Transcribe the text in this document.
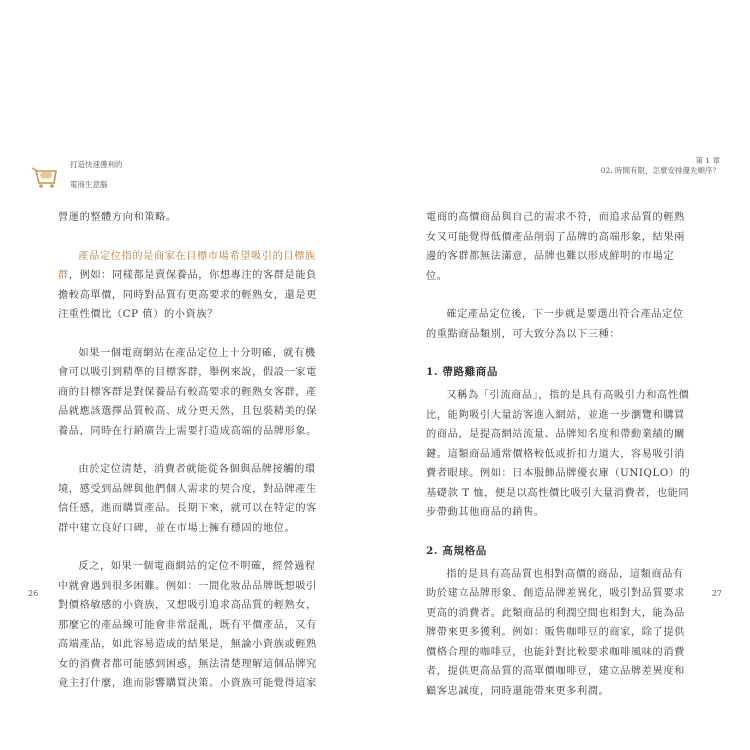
打造快速獲利的

電商生意腦

營運的整體方向和策略。

產品定位指的是商家在目標市場希望吸引的目標族群，例如：同樣都是賣保養品，你想專注的客群是能負擔較高單價，同時對品質有更高要求的輕熟女，還是更注重性價比（CP 值）的小資族？

如果一個電商網站在產品定位上十分明確，就有機會可以吸引到精準的目標客群，舉例來說，假設一家電商的目標客群是對保養品有較高要求的輕熟女客群，產品就應該選擇品質較高、成分更天然，且包裝精美的保養品，同時在行銷廣告上需要打造成高端的品牌形象。

由於定位清楚，消費者就能從各個與品牌接觸的環境，感受到品牌與他們個人需求的契合度，對品牌產生信任感，進而購買產品。長期下來，就可以在特定的客群中建立良好口碑，並在市場上擁有穩固的地位。

反之，如果一個電商網站的定位不明確，經營過程中就會遇到很多困難。例如：一間化妝品品牌既想吸引對價格敏感的小資族，又想吸引追求高品質的輕熟女，那麼它的產品線可能會非常混亂，既有平價產品，又有高端產品，如此容易造成的結果是，無論小資族或輕熟女的消費者都可能感到困惑，無法清楚理解這個品牌究竟主打什麼，進而影響購買決策。小資族可能覺得這家

26
第 1 章
02. 時間有限，怎麼安排優先順序？

電商的高價商品與自己的需求不符，而追求品質的輕熟女又可能覺得低價產品削弱了品牌的高端形象，結果兩邊的客群都無法滿意，品牌也難以形成鮮明的市場定位。

確定產品定位後，下一步就是要選出符合產品定位的重點商品類別，可大致分為以下三種：

1. 帶路雞商品

又稱為「引流商品」，指的是具有高吸引力和高性價比，能夠吸引大量訪客進入網站，並進一步瀏覽和購買的商品，是提高網站流量、品牌知名度和帶動業績的關鍵。這類商品通常價格較低或折扣力道大，容易吸引消費者眼球。例如：日本服飾品牌優衣庫（UNIQLO）的基礎款 T 恤，便是以高性價比吸引大量消費者，也能同步帶動其他商品的銷售。

2. 高規格品

指的是具有高品質也相對高價的商品，這類商品有助於建立品牌形象、創造品牌差異化，吸引對品質要求更高的消費者。此類商品的利潤空間也相對大，能為品牌帶來更多獲利。例如：販售咖啡豆的商家，除了提供價格合理的咖啡豆，也能針對比較要求咖啡風味的消費者，提供更高品質的高單價咖啡豆，建立品牌差異度和顧客忠誠度，同時還能帶來更多利潤。

27
